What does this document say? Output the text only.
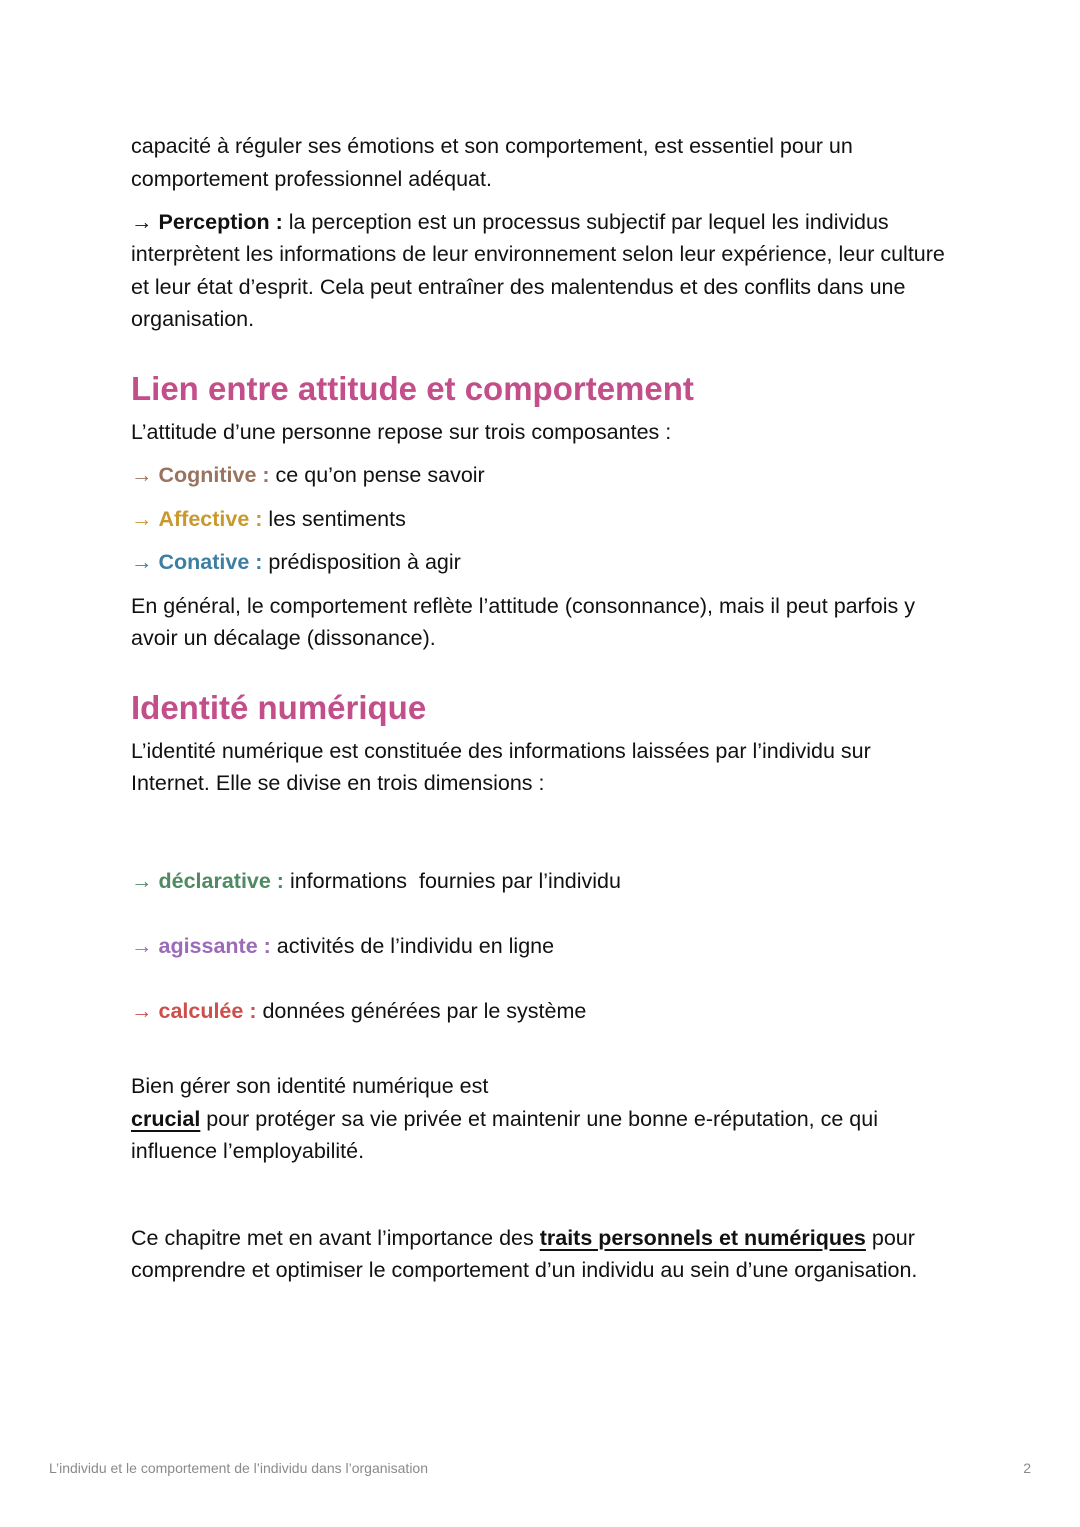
capacité à réguler ses émotions et son comportement, est essentiel pour un comportement professionnel adéquat.

→ Perception : la perception est un processus subjectif par lequel les individus interprètent les informations de leur environnement selon leur expérience, leur culture et leur état d’esprit. Cela peut entraîner des malentendus et des conflits dans une organisation.

Lien entre attitude et comportement

L’attitude d’une personne repose sur trois composantes :

→ Cognitive : ce qu’on pense savoir

→ Affective : les sentiments

→ Conative : prédisposition à agir

En général, le comportement reflète l’attitude (consonnance), mais il peut parfois y avoir un décalage (dissonance).

Identité numérique

L’identité numérique est constituée des informations laissées par l’individu sur Internet. Elle se divise en trois dimensions :

→ déclarative : informations  fournies par l’individu

→ agissante : activités de l’individu en ligne

→ calculée : données générées par le système

Bien gérer son identité numérique est

crucial pour protéger sa vie privée et maintenir une bonne e-réputation, ce qui influence l’employabilité.

Ce chapitre met en avant l’importance des traits personnels et numériques pour comprendre et optimiser le comportement d’un individu au sein d’une organisation.

L’individu et le comportement de l’individu dans l’organisation	2
